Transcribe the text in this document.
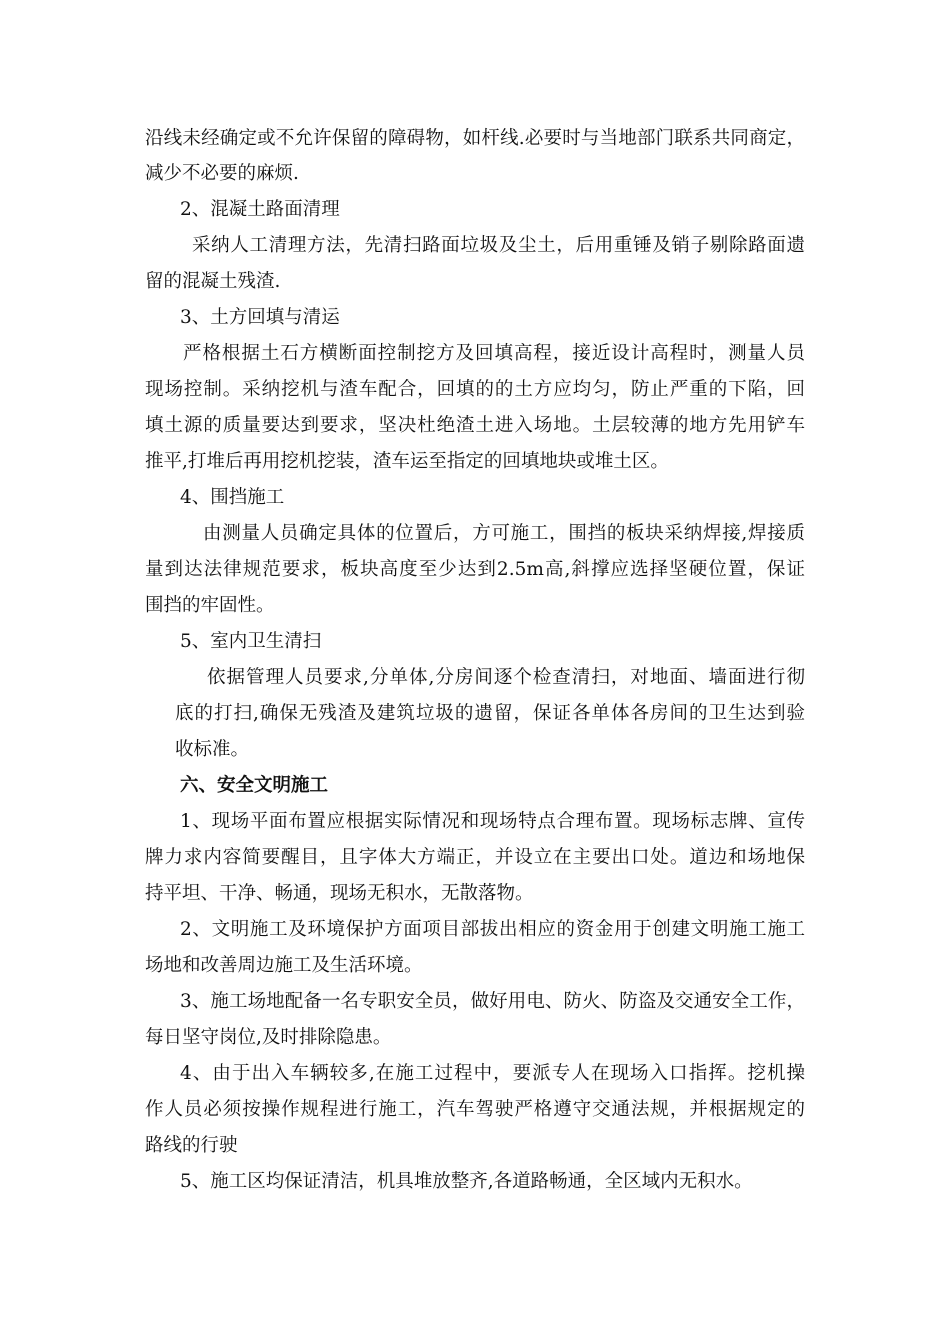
沿线未经确定或不允许保留的障碍物，如杆线.必要时与当地部门联系共同商定，
减少不必要的麻烦.
2、混凝土路面清理
采纳人工清理方法，先清扫路面垃圾及尘土，后用重锤及销子剔除路面遗
留的混凝土残渣.
3、土方回填与清运
严格根据土石方横断面控制挖方及回填高程，接近设计高程时，测量人员
现场控制。采纳挖机与渣车配合，回填的的土方应均匀，防止严重的下陷，回
填土源的质量要达到要求，坚决杜绝渣土进入场地。土层较薄的地方先用铲车
推平,打堆后再用挖机挖装，渣车运至指定的回填地块或堆土区。
4、围挡施工
由测量人员确定具体的位置后，方可施工，围挡的板块采纳焊接,焊接质
量到达法律规范要求，板块高度至少达到2.5m高,斜撑应选择坚硬位置，保证
围挡的牢固性。
5、室内卫生清扫
依据管理人员要求,分单体,分房间逐个检查清扫，对地面、墙面进行彻
底的打扫,确保无残渣及建筑垃圾的遗留，保证各单体各房间的卫生达到验
收标准。
六、安全文明施工
1、现场平面布置应根据实际情况和现场特点合理布置。现场标志牌、宣传
牌力求内容简要醒目，且字体大方端正，并设立在主要出口处。道边和场地保
持平坦、干净、畅通，现场无积水，无散落物。
2、文明施工及环境保护方面项目部拔出相应的资金用于创建文明施工施工
场地和改善周边施工及生活环境。
3、施工场地配备一名专职安全员，做好用电、防火、防盗及交通安全工作，
每日坚守岗位,及时排除隐患。
4、由于出入车辆较多,在施工过程中，要派专人在现场入口指挥。挖机操
作人员必须按操作规程进行施工，汽车驾驶严格遵守交通法规，并根据规定的
路线的行驶
5、施工区均保证清洁，机具堆放整齐,各道路畅通，全区域内无积水。
